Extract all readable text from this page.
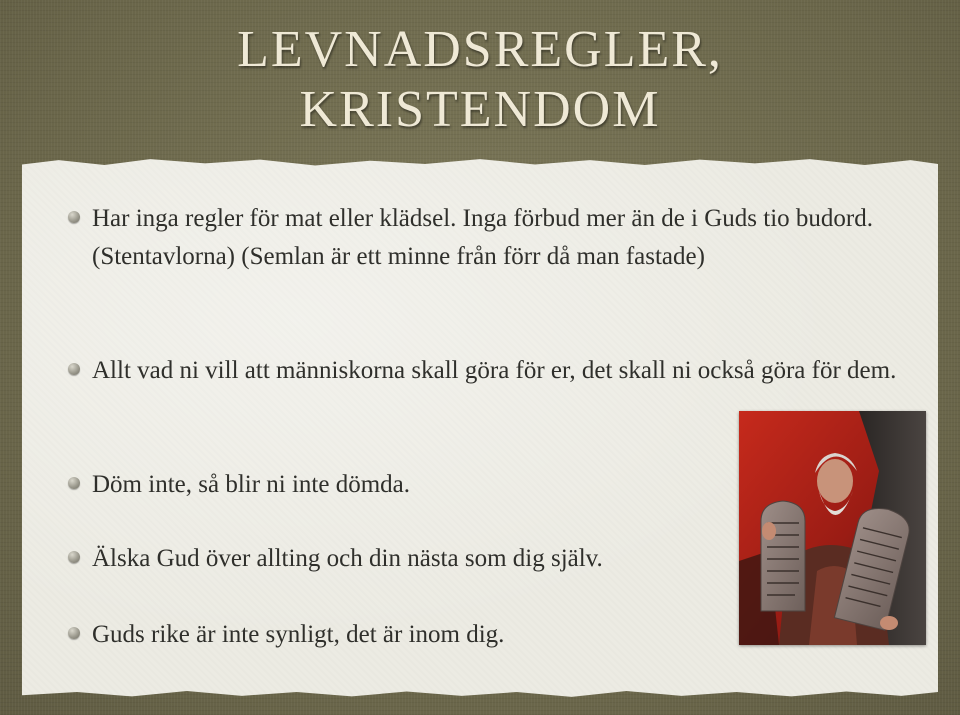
LEVNADSREGLER,
KRISTENDOM
Har inga regler för mat eller klädsel. Inga förbud mer än de i Guds tio budord. (Stentavlorna) (Semlan är ett minne från förr då man fastade)
Allt vad ni vill att människorna skall göra för er, det skall ni också göra för dem.
Döm inte, så blir ni inte dömda.
Älska Gud över allting och din nästa som dig själv.
Guds rike är inte synligt, det är inom dig.
